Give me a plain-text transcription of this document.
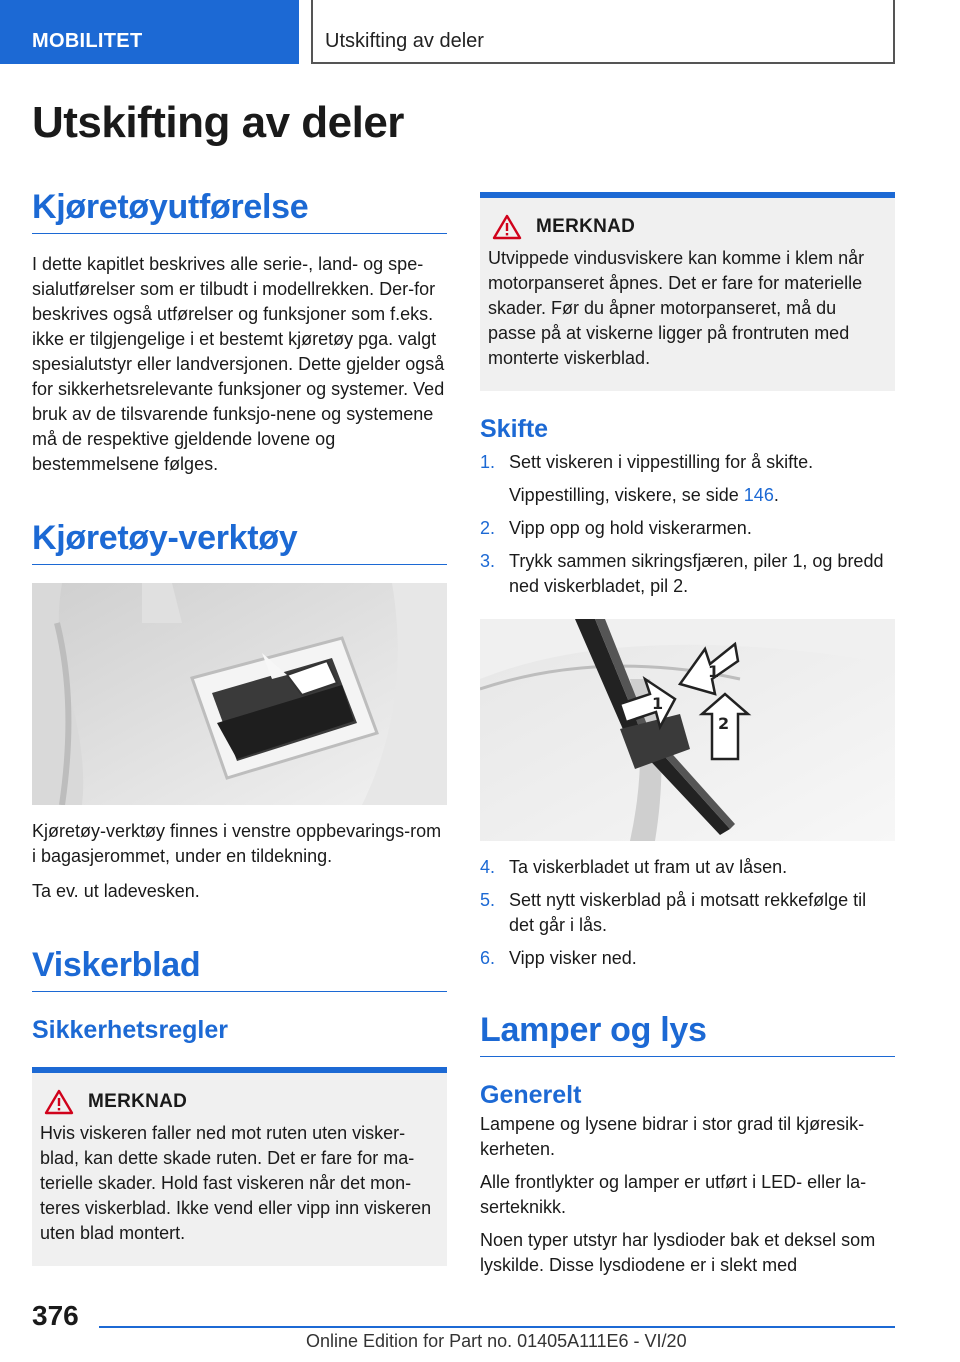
MOBILITET	Utskifting av deler
Utskifting av deler
Kjøretøyutførelse

I dette kapitlet beskrives alle serie-, land- og spe-sialutførelser som er tilbudt i modellrekken. Der-for beskrives også utførelser og funksjoner som f.eks. ikke er tilgjengelige i et bestemt kjøretøy pga. valgt spesialutstyr eller landversjonen. Dette gjelder også for sikkerhetsrelevante funksjoner og systemer. Ved bruk av de tilsvarende funksjo-nene og systemene må de respektive gjeldende lovene og bestemmelsene følges.

Kjøretøy-verktøy

Kjøretøy-verktøy finnes i venstre oppbevarings-rom i bagasjerommet, under en tildekning.

Ta ev. ut ladevesken.

Viskerblad
Sikkerhetsregler
MERKNAD

Hvis viskeren faller ned mot ruten uten visker-blad, kan dette skade ruten. Det er fare for ma-terielle skader. Hold fast viskeren når det mon-teres viskerblad. Ikke vend eller vipp inn viskeren uten blad montert.

MERKNAD

Utvippede vindusviskere kan komme i klem når motorpanseret åpnes. Det er fare for materielle skader. Før du åpner motorpanseret, må du passe på at viskerne ligger på frontruten med monterte viskerblad.

Skifte
1. Sett viskeren i vippestilling for å skifte.

Vippestilling, viskere, se side 146.

2. Vipp opp og hold viskerarmen.
3. Trykk sammen sikringsfjæren, piler 1, og bredd ned viskerbladet, pil 2.
1
1
2
4. Ta viskerbladet ut fram ut av låsen.
5. Sett nytt viskerblad på i motsatt rekkefølge til det går i lås.
6. Vipp visker ned.
Lamper og lys
Generelt

Lampene og lysene bidrar i stor grad til kjøresik-kerheten.

Alle frontlykter og lamper er utført i LED- eller la-serteknikk.

Noen typer utstyr har lysdioder bak et deksel som lyskilde. Disse lysdiodene er i slekt med

376
Online Edition for Part no. 01405A111E6 - VI/20
